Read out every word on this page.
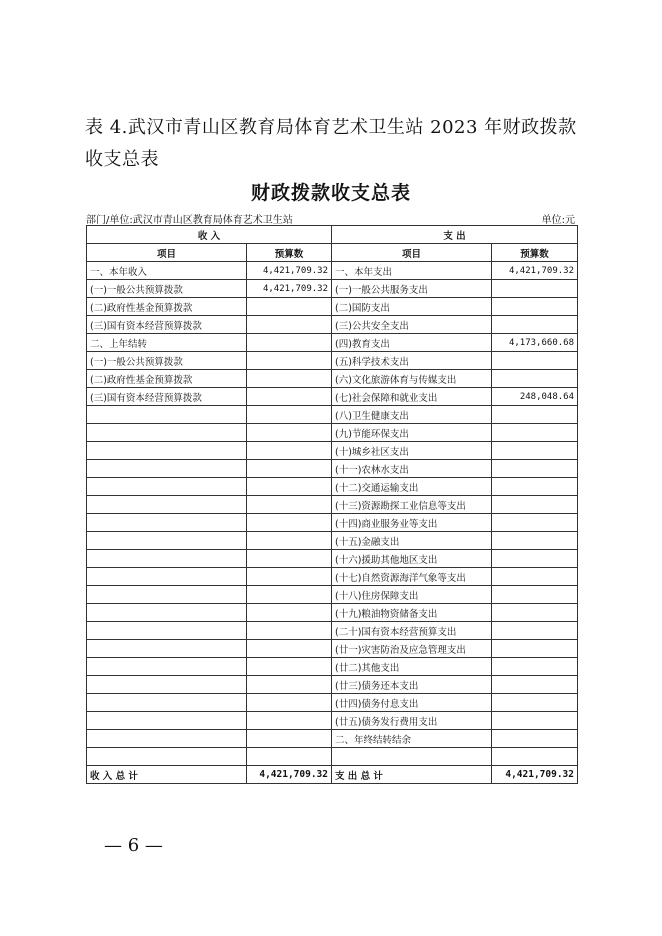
表 4.武汉市青山区教育局体育艺术卫生站 2023 年财政拨款收支总表
财政拨款收支总表
部门/单位:武汉市青山区教育局体育艺术卫生站	单位:元
收 入		支 出	
项目	预算数	项目	预算数
一、本年收入	4,421,709.32	一、本年支出	4,421,709.32
(一)一般公共预算拨款	4,421,709.32	(一)一般公共服务支出	
(二)政府性基金预算拨款		(二)国防支出	
(三)国有资本经营预算拨款		(三)公共安全支出	
二、上年结转		(四)教育支出	4,173,660.68
(一)一般公共预算拨款		(五)科学技术支出	
(二)政府性基金预算拨款		(六)文化旅游体育与传媒支出	
(三)国有资本经营预算拨款		(七)社会保障和就业支出	248,048.64
		(八)卫生健康支出	
		(九)节能环保支出	
		(十)城乡社区支出	
		(十一)农林水支出	
		(十二)交通运输支出	
		(十三)资源勘探工业信息等支出	
		(十四)商业服务业等支出	
		(十五)金融支出	
		(十六)援助其他地区支出	
		(十七)自然资源海洋气象等支出	
		(十八)住房保障支出	
		(十九)粮油物资储备支出	
		(二十)国有资本经营预算支出	
		(廿一)灾害防治及应急管理支出	
		(廿二)其他支出	
		(廿三)债务还本支出	
		(廿四)债务付息支出	
		(廿五)债务发行费用支出	
		二、年终结转结余	

收 入 总 计	4,421,709.32	支 出 总 计	4,421,709.32
— 6 —
